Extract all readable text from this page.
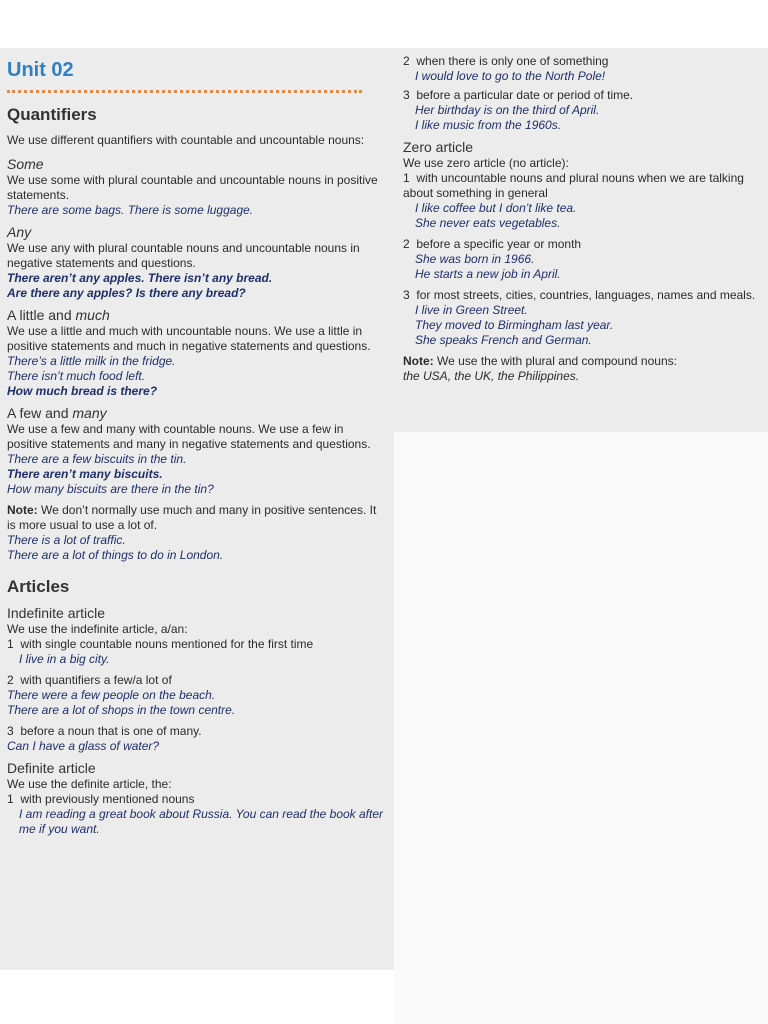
Unit 02
Quantifiers

We use different quantifiers with countable and uncountable nouns:

Some

We use some with plural countable and uncountable nouns in positive statements.

There are some bags. There is some luggage.

Any

We use any with plural countable nouns and uncountable nouns in negative statements and questions.

There aren’t any apples. There isn’t any bread.

Are there any apples? Is there any bread?

A little and much

We use a little and much with uncountable nouns. We use a little in positive statements and much in negative statements and questions.

There’s a little milk in the fridge.

There isn’t much food left.

How much bread is there?

A few and many

We use a few and many with countable nouns. We use a few in positive statements and many in negative statements and questions.

There are a few biscuits in the tin.

There aren’t many biscuits.

How many biscuits are there in the tin?

Note: We don’t normally use much and many in positive sentences. It is more usual to use a lot of.

There is a lot of traffic.

There are a lot of things to do in London.

Articles
Indefinite article

We use the indefinite article, a/an:

1 with single countable nouns mentioned for the first time

I live in a big city.

2 with quantifiers a few/a lot of

There were a few people on the beach.

There are a lot of shops in the town centre.

3 before a noun that is one of many.

Can I have a glass of water?

Definite article

We use the definite article, the:

1 with previously mentioned nouns

I am reading a great book about Russia. You can read the book after me if you want.

2 when there is only one of something

I would love to go to the North Pole!

3 before a particular date or period of time.

Her birthday is on the third of April.

I like music from the 1960s.

Zero article

We use zero article (no article):

1 with uncountable nouns and plural nouns when we are talking about something in general

I like coffee but I don’t like tea.

She never eats vegetables.

2 before a specific year or month

She was born in 1966.

He starts a new job in April.

3 for most streets, cities, countries, languages, names and meals.

I live in Green Street.

They moved to Birmingham last year.

She speaks French and German.

Note: We use the with plural and compound nouns:

the USA, the UK, the Philippines.
